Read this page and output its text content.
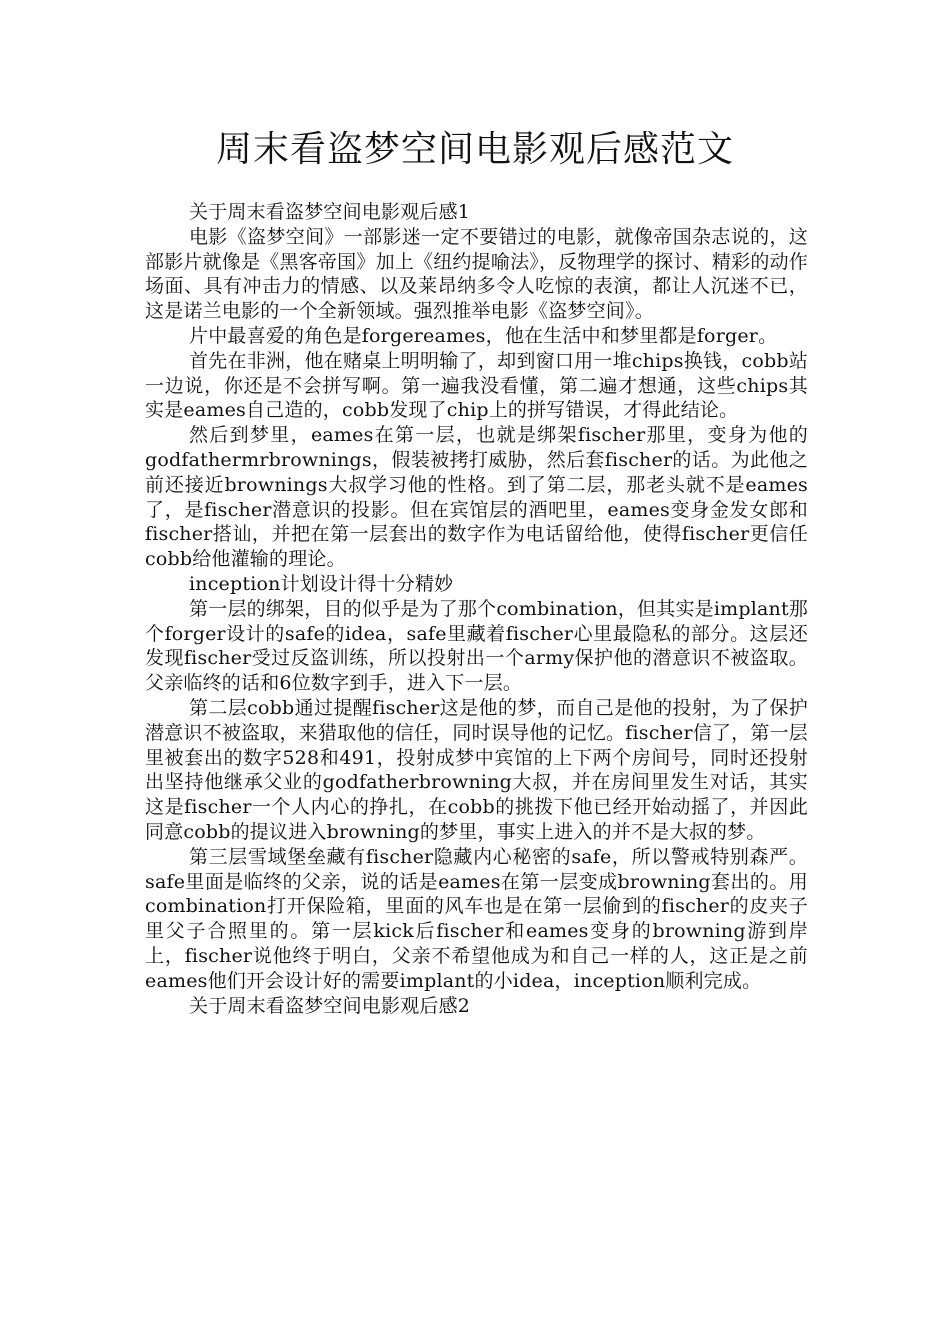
周末看盗梦空间电影观后感范文

关于周末看盗梦空间电影观后感1

电影《盗梦空间》一部影迷一定不要错过的电影，就像帝国杂志说的，这部影片就像是《黑客帝国》加上《纽约提喻法》，反物理学的探讨、精彩的动作场面、具有冲击力的情感、以及莱昂纳多令人吃惊的表演，都让人沉迷不已，这是诺兰电影的一个全新领域。强烈推举电影《盗梦空间》。

片中最喜爱的角色是forgereames，他在生活中和梦里都是forger。

首先在非洲，他在赌桌上明明输了，却到窗口用一堆chips换钱，cobb站一边说，你还是不会拼写啊。第一遍我没看懂，第二遍才想通，这些chips其实是eames自己造的，cobb发现了chip上的拼写错误，才得此结论。

然后到梦里，eames在第一层，也就是绑架fischer那里，变身为他的godfathermrbrownings，假装被拷打威胁，然后套fischer的话。为此他之前还接近brownings大叔学习他的性格。到了第二层，那老头就不是eames了，是fischer潜意识的投影。但在宾馆层的酒吧里，eames变身金发女郎和fischer搭讪，并把在第一层套出的数字作为电话留给他，使得fischer更信任cobb给他灌输的理论。

inception计划设计得十分精妙

第一层的绑架，目的似乎是为了那个combination，但其实是implant那个forger设计的safe的idea，safe里藏着fischer心里最隐私的部分。这层还发现fischer受过反盗训练，所以投射出一个army保护他的潜意识不被盗取。父亲临终的话和6位数字到手，进入下一层。

第二层cobb通过提醒fischer这是他的梦，而自己是他的投射，为了保护潜意识不被盗取，来猎取他的信任，同时误导他的记忆。fischer信了，第一层里被套出的数字528和491，投射成梦中宾馆的上下两个房间号，同时还投射出坚持他继承父业的godfatherbrowning大叔，并在房间里发生对话，其实这是fischer一个人内心的挣扎，在cobb的挑拨下他已经开始动摇了，并因此同意cobb的提议进入browning的梦里，事实上进入的并不是大叔的梦。

第三层雪域堡垒藏有fischer隐藏内心秘密的safe，所以警戒特别森严。safe里面是临终的父亲，说的话是eames在第一层变成browning套出的。用combination打开保险箱，里面的风车也是在第一层偷到的fischer的皮夹子里父子合照里的。第一层kick后fischer和eames变身的browning游到岸上，fischer说他终于明白，父亲不希望他成为和自己一样的人，这正是之前eames他们开会设计好的需要implant的小idea，inception顺利完成。

关于周末看盗梦空间电影观后感2
